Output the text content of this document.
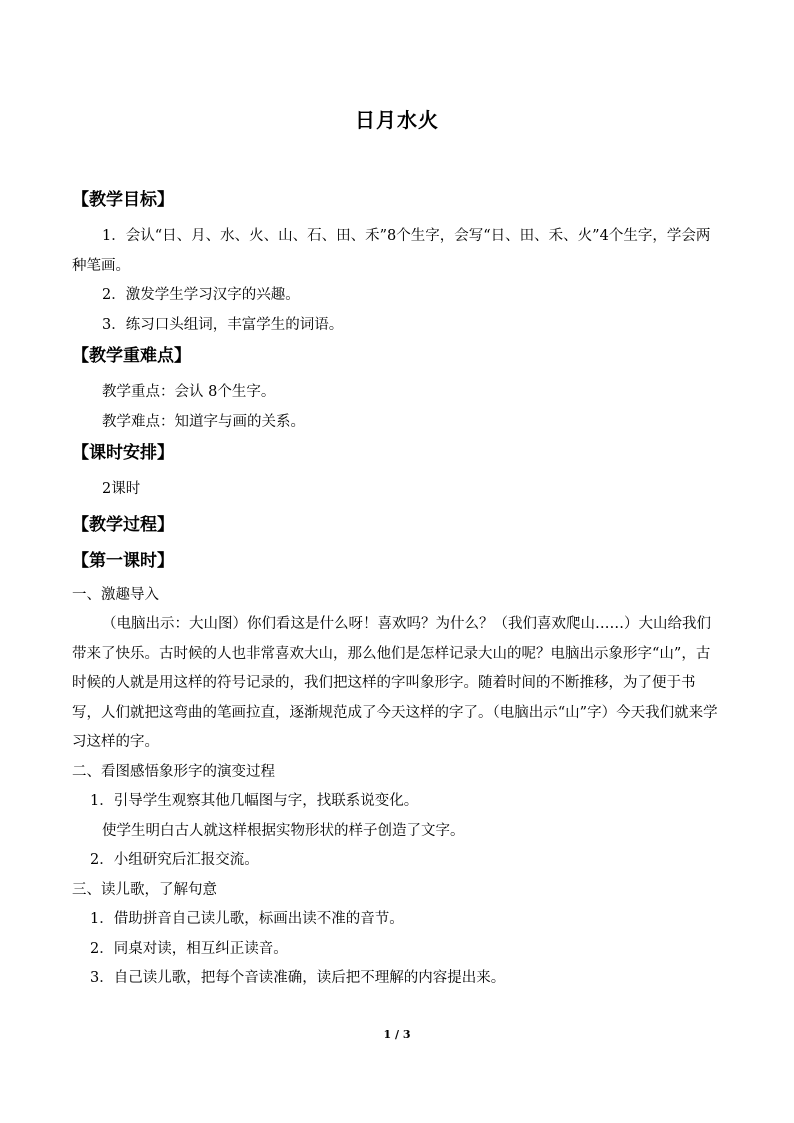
日月水火

【教学目标】

1．会认“日、月、水、火、山、石、田、禾”8个生字，会写“日、田、禾、火”4个生字，学会两种笔画。

2．激发学生学习汉字的兴趣。

3．练习口头组词，丰富学生的词语。

【教学重难点】

教学重点：会认 8个生字。

教学难点：知道字与画的关系。

【课时安排】

2课时

【教学过程】

【第一课时】

一、激趣导入

（电脑出示：大山图）你们看这是什么呀！喜欢吗？为什么？（我们喜欢爬山……）大山给我们带来了快乐。古时候的人也非常喜欢大山，那么他们是怎样记录大山的呢？电脑出示象形字“山”，古时候的人就是用这样的符号记录的，我们把这样的字叫象形字。随着时间的不断推移，为了便于书写，人们就把这弯曲的笔画拉直，逐渐规范成了今天这样的字了。（电脑出示“山”字）今天我们就来学习这样的字。

二、看图感悟象形字的演变过程

1．引导学生观察其他几幅图与字，找联系说变化。

使学生明白古人就这样根据实物形状的样子创造了文字。

2．小组研究后汇报交流。

三、读儿歌，了解句意

1．借助拼音自己读儿歌，标画出读不准的音节。

2．同桌对读，相互纠正读音。

3．自己读儿歌，把每个音读准确，读后把不理解的内容提出来。

1 / 3
